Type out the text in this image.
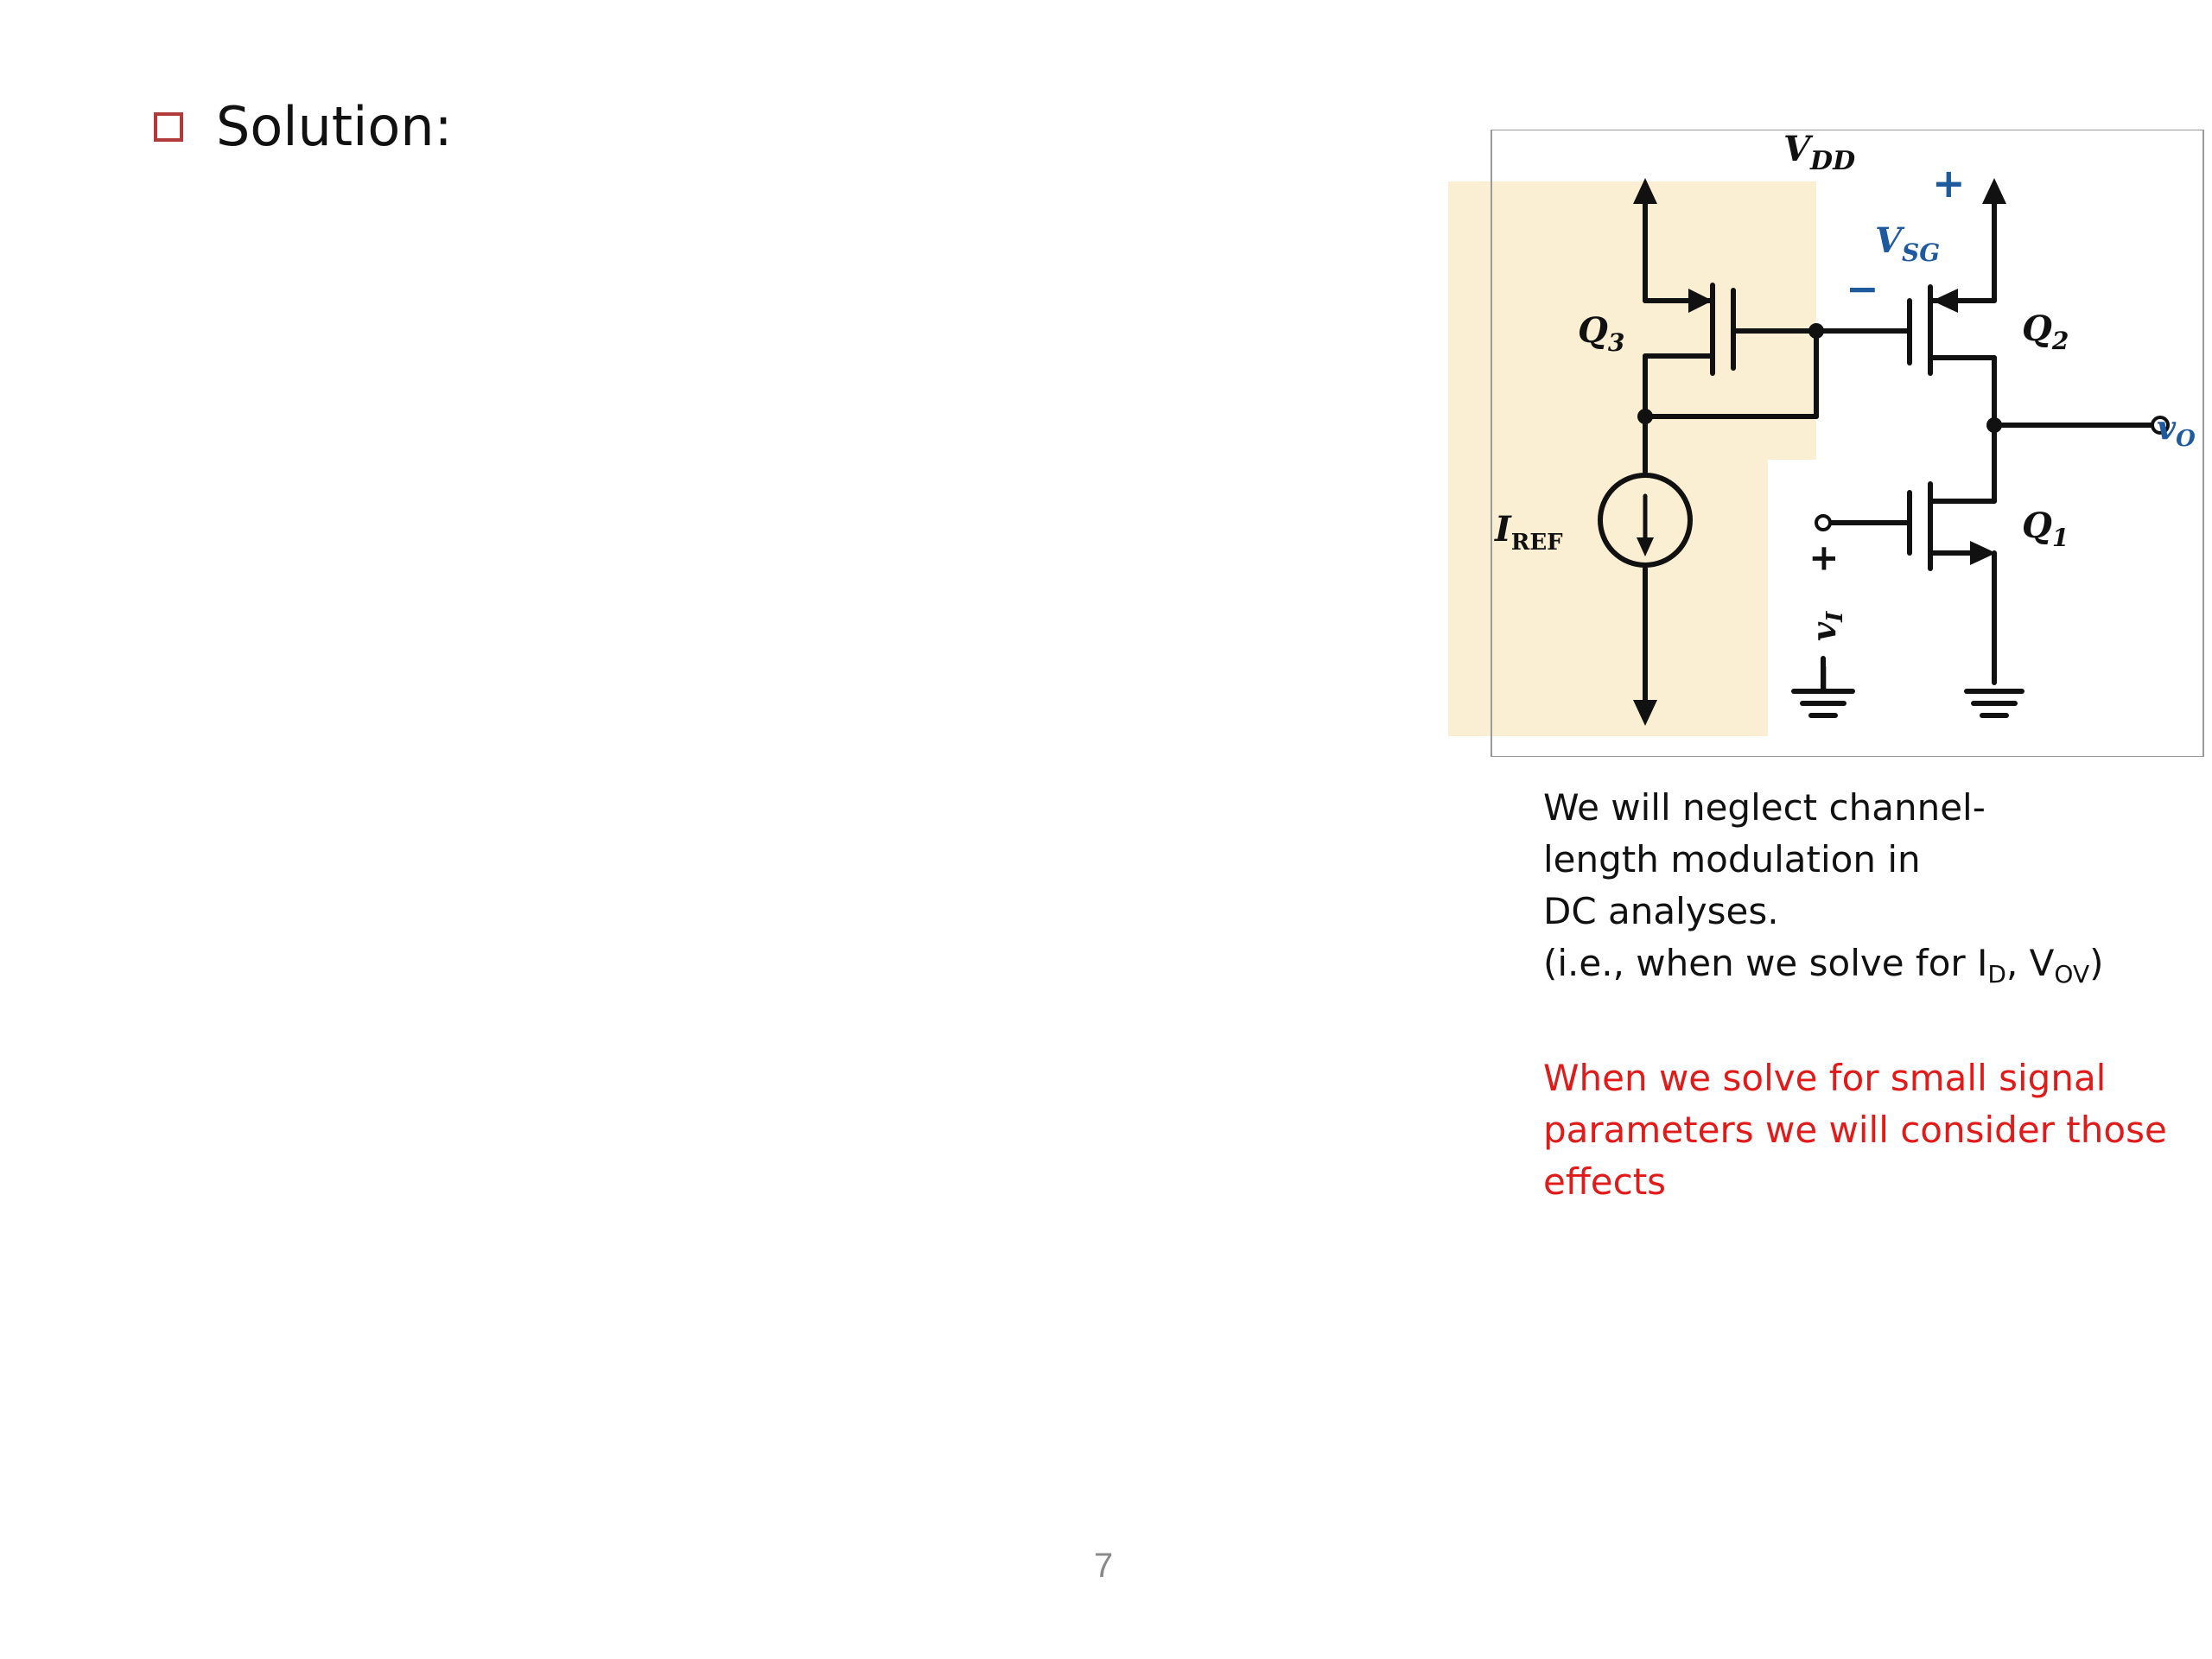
Solution:	$V_{DD}$
$Q_3$	$Q_2$
$Q_1$
$V_{SG}$
+
−
$I_{REF}$
$v_O$
+
$v_I$
−

We will neglect channel-

length modulation in

DC analyses.

(i.e., when we solve for $I_D$, $V_{OV}$)

When we solve for small signal

parameters we will consider those

effects

7
